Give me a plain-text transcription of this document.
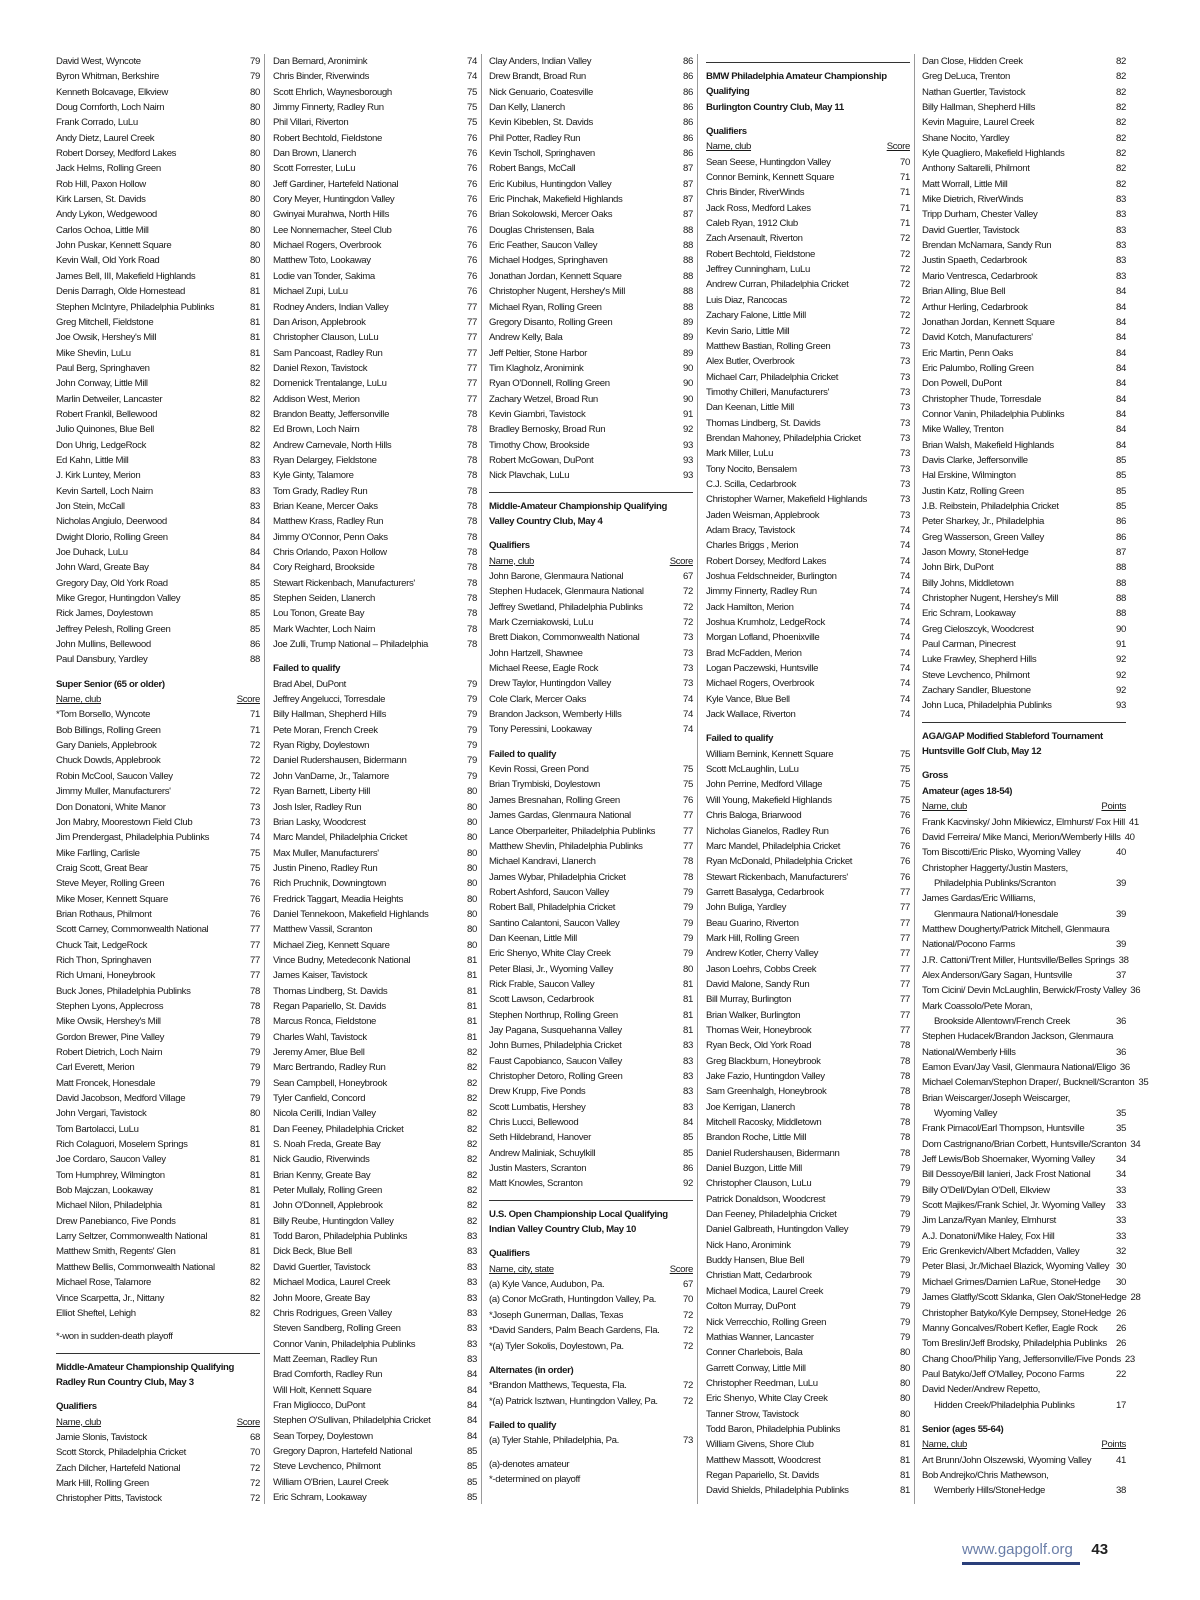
David West, Wyncote	79
Byron Whitman, Berkshire	79
Kenneth Bolcavage, Elkview	80
Doug Cornforth, Loch Nairn	80
Frank Corrado, LuLu	80
Andy Dietz, Laurel Creek	80
Robert Dorsey, Medford Lakes	80
Jack Helms, Rolling Green	80
Rob Hill, Paxon Hollow	80
Kirk Larsen, St. Davids	80
Andy Lykon, Wedgewood	80
Carlos Ochoa, Little Mill	80
John Puskar, Kennett Square	80
Kevin Wall, Old York Road	80
James Bell, III, Makefield Highlands	81
Denis Darragh, Olde Homestead	81
Stephen McIntyre, Philadelphia Publinks	81
Greg Mitchell, Fieldstone	81
Joe Owsik, Hershey's Mill	81
Mike Shevlin, LuLu	81
Paul Berg, Springhaven	82
John Conway, Little Mill	82
Marlin Detweiler, Lancaster	82
Robert Frankil, Bellewood	82
Julio Quinones, Blue Bell	82
Don Uhrig, LedgeRock	82
Ed Kahn, Little Mill	83
J. Kirk Luntey, Merion	83
Kevin Sartell, Loch Nairn	83
Jon Stein, McCall	83
Nicholas Angiulo, Deerwood	84
Dwight DIorio, Rolling Green	84
Joe Duhack, LuLu	84
John Ward, Greate Bay	84
Gregory Day, Old York Road	85
Mike Gregor, Huntingdon Valley	85
Rick James, Doylestown	85
Jeffrey Pelesh, Rolling Green	85
John Mullins, Bellewood	86
Paul Dansbury, Yardley	88
Super Senior (65 or older)
Name, club	Score
*Tom Borsello, Wyncote	71
Bob Billings, Rolling Green	71
Gary Daniels, Applebrook	72
Chuck Dowds, Applebrook	72
Robin McCool, Saucon Valley	72
Jimmy Muller, Manufacturers'	72
Don Donatoni, White Manor	73
Jon Mabry, Moorestown Field Club	73
Jim Prendergast, Philadelphia Publinks	74
Mike Farlling, Carlisle	75
Craig Scott, Great Bear	75
Steve Meyer, Rolling Green	76
Mike Moser, Kennett Square	76
Brian Rothaus, Philmont	76
Scott Carney, Commonwealth National	77
Chuck Tait, LedgeRock	77
Rich Thon, Springhaven	77
Rich Umani, Honeybrook	77
Buck Jones, Philadelphia Publinks	78
Stephen Lyons, Applecross	78
Mike Owsik, Hershey's Mill	78
Gordon Brewer, Pine Valley	79
Robert Dietrich, Loch Nairn	79
Carl Everett, Merion	79
Matt Froncek, Honesdale	79
David Jacobson, Medford Village	79
John Vergari, Tavistock	80
Tom Bartolacci, LuLu	81
Rich Colaguori, Moselem Springs	81
Joe Cordaro, Saucon Valley	81
Tom Humphrey, Wilmington	81
Bob Majczan, Lookaway	81
Michael Nilon, Philadelphia	81
Drew Panebianco, Five Ponds	81
Larry Seltzer, Commonwealth National	81
Matthew Smith, Regents' Glen	81
Matthew Bellis, Commonwealth National	82
Michael Rose, Talamore	82
Vince Scarpetta, Jr., Nittany	82
Elliot Sheftel, Lehigh	82
*-won in sudden-death playoff
Middle-Amateur Championship Qualifying
Radley Run Country Club, May 3
Qualifiers
Name, club	Score
Jamie Slonis, Tavistock	68
Scott Storck, Philadelphia Cricket	70
Zach Dilcher, Hartefeld National	72
Mark Hill, Rolling Green	72
Christopher Pitts, Tavistock	72
Dan Bernard, Aronimink	74
Chris Binder, Riverwinds	74
Scott Ehrlich, Waynesborough	75
Jimmy Finnerty, Radley Run	75
Phil Villari, Riverton	75
Robert Bechtold, Fieldstone	76
Dan Brown, Llanerch	76
Scott Forrester, LuLu	76
Jeff Gardiner, Hartefeld National	76
Cory Meyer, Huntingdon Valley	76
Gwinyai Murahwa, North Hills	76
Lee Nonnemacher, Steel Club	76
Michael Rogers, Overbrook	76
Matthew Toto, Lookaway	76
Lodie van Tonder, Sakima	76
Michael Zupi, LuLu	76
Rodney Anders, Indian Valley	77
Dan Arison, Applebrook	77
Christopher Clauson, LuLu	77
Sam Pancoast, Radley Run	77
Daniel Rexon, Tavistock	77
Domenick Trentalange, LuLu	77
Addison West, Merion	77
Brandon Beatty, Jeffersonville	78
Ed Brown, Loch Nairn	78
Andrew Carnevale, North Hills	78
Ryan Delargey, Fieldstone	78
Kyle Ginty, Talamore	78
Tom Grady, Radley Run	78
Brian Keane, Mercer Oaks	78
Matthew Krass, Radley Run	78
Jimmy O'Connor, Penn Oaks	78
Chris Orlando, Paxon Hollow	78
Cory Reighard, Brookside	78
Stewart Rickenbach, Manufacturers'	78
Stephen Seiden, Llanerch	78
Lou Tonon, Greate Bay	78
Mark Wachter, Loch Nairn	78
Joe Zulli, Trump National – Philadelphia	78
Failed to qualify
Brad Abel, DuPont	79
Jeffrey Angelucci, Torresdale	79
Billy Hallman, Shepherd Hills	79
Pete Moran, French Creek	79
Ryan Rigby, Doylestown	79
Daniel Rudershausen, Bidermann	79
John VanDame, Jr., Talamore	79
Ryan Barnett, Liberty Hill	80
Josh Isler, Radley Run	80
Brian Lasky, Woodcrest	80
Marc Mandel, Philadelphia Cricket	80
Max Muller, Manufacturers'	80
Justin Pineno, Radley Run	80
Rich Pruchnik, Downingtown	80
Fredrick Taggart, Meadia Heights	80
Daniel Tennekoon, Makefield Highlands	80
Matthew Vassil, Scranton	80
Michael Zieg, Kennett Square	80
Vince Budny, Metedeconk National	81
James Kaiser, Tavistock	81
Thomas Lindberg, St. Davids	81
Regan Papariello, St. Davids	81
Marcus Ronca, Fieldstone	81
Charles Wahl, Tavistock	81
Jeremy Amer, Blue Bell	82
Marc Bertrando, Radley Run	82
Sean Campbell, Honeybrook	82
Tyler Canfield, Concord	82
Nicola Cerilli, Indian Valley	82
Dan Feeney, Philadelphia Cricket	82
S. Noah Freda, Greate Bay	82
Nick Gaudio, Riverwinds	82
Brian Kenny, Greate Bay	82
Peter Mullaly, Rolling Green	82
John O'Donnell, Applebrook	82
Billy Reube, Huntingdon Valley	82
Todd Baron, Philadelphia Publinks	83
Dick Beck, Blue Bell	83
David Guertler, Tavistock	83
Michael Modica, Laurel Creek	83
John Moore, Greate Bay	83
Chris Rodrigues, Green Valley	83
Steven Sandberg, Rolling Green	83
Connor Vanin, Philadelphia Publinks	83
Matt Zeeman, Radley Run	83
Brad Comforth, Radley Run	84
Will Holt, Kennett Square	84
Fran Migliocco, DuPont	84
Stephen O'Sullivan, Philadelphia Cricket	84
Sean Torpey, Doylestown	84
Gregory Dapron, Hartefeld National	85
Steve Levchenco, Philmont	85
William O'Brien, Laurel Creek	85
Eric Schram, Lookaway	85
Clay Anders, Indian Valley	86
Drew Brandt, Broad Run	86
Nick Genuario, Coatesville	86
Dan Kelly, Llanerch	86
Kevin Kibeblen, St. Davids	86
Phil Potter, Radley Run	86
Kevin Tscholl, Springhaven	86
Robert Bangs, McCall	87
Eric Kubilus, Huntingdon Valley	87
Eric Pinchak, Makefield Highlands	87
Brian Sokolowski, Mercer Oaks	87
Douglas Christensen, Bala	88
Eric Feather, Saucon Valley	88
Michael Hodges, Springhaven	88
Jonathan Jordan, Kennett Square	88
Christopher Nugent, Hershey's Mill	88
Michael Ryan, Rolling Green	88
Gregory Disanto, Rolling Green	89
Andrew Kelly, Bala	89
Jeff Peltier, Stone Harbor	89
Tim Klagholz, Aronimink	90
Ryan O'Donnell, Rolling Green	90
Zachary Wetzel, Broad Run	90
Kevin Giambri, Tavistock	91
Bradley Bernosky, Broad Run	92
Timothy Chow, Brookside	93
Robert McGowan, DuPont	93
Nick Plavchak, LuLu	93
Middle-Amateur Championship Qualifying
Valley Country Club, May 4
Qualifiers
Name, club	Score
John Barone, Glenmaura National	67
Stephen Hudacek, Glenmaura National	72
Jeffrey Swetland, Philadelphia Publinks	72
Mark Czerniakowski, LuLu	72
Brett Diakon, Commonwealth National	73
John Hartzell, Shawnee	73
Michael Reese, Eagle Rock	73
Drew Taylor, Huntingdon Valley	73
Cole Clark, Mercer Oaks	74
Brandon Jackson, Wemberly Hills	74
Tony Peressini, Lookaway	74
Failed to qualify
Kevin Rossi, Green Pond	75
Brian Trymbiski, Doylestown	75
James Bresnahan, Rolling Green	76
James Gardas, Glenmaura National	77
Lance Oberparleiter, Philadelphia Publinks	77
Matthew Shevlin, Philadelphia Publinks	77
Michael Kandravi, Llanerch	78
James Wybar, Philadelphia Cricket	78
Robert Ashford, Saucon Valley	79
Robert Ball, Philadelphia Cricket	79
Santino Calantoni, Saucon Valley	79
Dan Keenan, Little Mill	79
Eric Shenyo, White Clay Creek	79
Peter Blasi, Jr., Wyoming Valley	80
Rick Frable, Saucon Valley	81
Scott Lawson, Cedarbrook	81
Stephen Northrup, Rolling Green	81
Jay Pagana, Susquehanna Valley	81
John Burnes, Philadelphia Cricket	83
Faust Capobianco, Saucon Valley	83
Christopher Detoro, Rolling Green	83
Drew Krupp, Five Ponds	83
Scott Lumbatis, Hershey	83
Chris Lucci, Bellewood	84
Seth Hildebrand, Hanover	85
Andrew Maliniak, Schuylkill	85
Justin Masters, Scranton	86
Matt Knowles, Scranton	92
U.S. Open Championship Local Qualifying
Indian Valley Country Club, May 10
Qualifiers
Name, city, state	Score
(a) Kyle Vance, Audubon, Pa.	67
(a) Conor McGrath, Huntingdon Valley, Pa.	70
*Joseph Gunerman, Dallas, Texas	72
*David Sanders, Palm Beach Gardens, Fla.	72
*(a) Tyler Sokolis, Doylestown, Pa.	72
Alternates (in order)
*Brandon Matthews, Tequesta, Fla.	72
*(a) Patrick Isztwan, Huntingdon Valley, Pa.	72
Failed to qualify
(a) Tyler Stahle, Philadelphia, Pa.	73
(a)-denotes amateur
*-determined on playoff
BMW Philadelphia Amateur Championship
Qualifying
Burlington Country Club, May 11
Qualifiers
Name, club	Score
Sean Seese, Huntingdon Valley	70
Connor Bernink, Kennett Square	71
Chris Binder, RiverWinds	71
Jack Ross, Medford Lakes	71
Caleb Ryan, 1912 Club	71
Zach Arsenault, Riverton	72
Robert Bechtold, Fieldstone	72
Jeffrey Cunningham, LuLu	72
Andrew Curran, Philadelphia Cricket	72
Luis Diaz, Rancocas	72
Zachary Falone, Little Mill	72
Kevin Sario, Little Mill	72
Matthew Bastian, Rolling Green	73
Alex Butler, Overbrook	73
Michael Carr, Philadelphia Cricket	73
Timothy Chilleri, Manufacturers'	73
Dan Keenan, Little Mill	73
Thomas Lindberg, St. Davids	73
Brendan Mahoney, Philadelphia Cricket	73
Mark Miller, LuLu	73
Tony Nocito, Bensalem	73
C.J. Scilla, Cedarbrook	73
Christopher Warner, Makefield Highlands	73
Jaden Weisman, Applebrook	73
Adam Bracy, Tavistock	74
Charles Briggs , Merion	74
Robert Dorsey, Medford Lakes	74
Joshua Feldschneider, Burlington	74
Jimmy Finnerty, Radley Run	74
Jack Hamilton, Merion	74
Joshua Krumholz, LedgeRock	74
Morgan Lofland, Phoenixville	74
Brad McFadden, Merion	74
Logan Paczewski, Huntsville	74
Michael Rogers, Overbrook	74
Kyle Vance, Blue Bell	74
Jack Wallace, Riverton	74
Failed to qualify
William Bernink, Kennett Square	75
Scott McLaughlin, LuLu	75
John Perrine, Medford Village	75
Will Young, Makefield Highlands	75
Chris Baloga, Briarwood	76
Nicholas Gianelos, Radley Run	76
Marc Mandel, Philadelphia Cricket	76
Ryan McDonald, Philadelphia Cricket	76
Stewart Rickenbach, Manufacturers'	76
Garrett Basalyga, Cedarbrook	77
John Buliga, Yardley	77
Beau Guarino, Riverton	77
Mark Hill, Rolling Green	77
Andrew Kotler, Cherry Valley	77
Jason Loehrs, Cobbs Creek	77
David Malone, Sandy Run	77
Bill Murray, Burlington	77
Brian Walker, Burlington	77
Thomas Weir, Honeybrook	77
Ryan Beck, Old York Road	78
Greg Blackburn, Honeybrook	78
Jake Fazio, Huntingdon Valley	78
Sam Greenhalgh, Honeybrook	78
Joe Kerrigan, Llanerch	78
Mitchell Racosky, Middletown	78
Brandon Roche, Little Mill	78
Daniel Rudershausen, Bidermann	78
Daniel Buzgon, Little Mill	79
Christopher Clauson, LuLu	79
Patrick Donaldson, Woodcrest	79
Dan Feeney, Philadelphia Cricket	79
Daniel Galbreath, Huntingdon Valley	79
Nick Hano, Aronimink	79
Buddy Hansen, Blue Bell	79
Christian Matt, Cedarbrook	79
Michael Modica, Laurel Creek	79
Colton Murray, DuPont	79
Nick Verrecchio, Rolling Green	79
Mathias Wanner, Lancaster	79
Conner Charlebois, Bala	80
Garrett Conway, Little Mill	80
Christopher Reedman, LuLu	80
Eric Shenyo, White Clay Creek	80
Tanner Strow, Tavistock	80
Todd Baron, Philadelphia Publinks	81
William Givens, Shore Club	81
Matthew Massott, Woodcrest	81
Regan Papariello, St. Davids	81
David Shields, Philadelphia Publinks	81
Dan Close, Hidden Creek	82
Greg DeLuca, Trenton	82
Nathan Guertler, Tavistock	82
Billy Hallman, Shepherd Hills	82
Kevin Maguire, Laurel Creek	82
Shane Nocito, Yardley	82
Kyle Quagliero, Makefield Highlands	82
Anthony Saltarelli, Philmont	82
Matt Worrall, Little Mill	82
Mike Dietrich, RiverWinds	83
Tripp Durham, Chester Valley	83
David Guertler, Tavistock	83
Brendan McNamara, Sandy Run	83
Justin Spaeth, Cedarbrook	83
Mario Ventresca, Cedarbrook	83
Brian Alling, Blue Bell	84
Arthur Herling, Cedarbrook	84
Jonathan Jordan, Kennett Square	84
David Kotch, Manufacturers'	84
Eric Martin, Penn Oaks	84
Eric Palumbo, Rolling Green	84
Don Powell, DuPont	84
Christopher Thude, Torresdale	84
Connor Vanin, Philadelphia Publinks	84
Mike Walley, Trenton	84
Brian Walsh, Makefield Highlands	84
Davis Clarke, Jeffersonville	85
Hal Erskine, Wilmington	85
Justin Katz, Rolling Green	85
J.B. Reibstein, Philadelphia Cricket	85
Peter Sharkey, Jr., Philadelphia	86
Greg Wasserson, Green Valley	86
Jason Mowry, StoneHedge	87
John Birk, DuPont	88
Billy Johns, Middletown	88
Christopher Nugent, Hershey's Mill	88
Eric Schram, Lookaway	88
Greg Cieloszcyk, Woodcrest	90
Paul Carman, Pinecrest	91
Luke Frawley, Shepherd Hills	92
Steve Levchenco, Philmont	92
Zachary Sandler, Bluestone	92
John Luca, Philadelphia Publinks	93
AGA/GAP Modified Stableford Tournament
Huntsville Golf Club, May 12
Gross
Amateur (ages 18-54)
Name, club	Points
Frank Kacvinsky/ John Mikiewicz, Elmhurst/ Fox Hill 41
David Ferreira/ Mike Manci, Merion/Wemberly Hills 40
Tom Biscotti/Eric Plisko, Wyoming Valley	40
Christopher Haggerty/Justin Masters,
Philadelphia Publinks/Scranton	39
James Gardas/Eric Williams,
Glenmaura National/Honesdale	39
Matthew Dougherty/Patrick Mitchell, Glenmaura
National/Pocono Farms	39
J.R. Cattoni/Trent Miller, Huntsville/Belles Springs 38
Alex Anderson/Gary Sagan, Huntsville	37
Tom Cicini/ Devin McLaughlin, Berwick/Frosty Valley 36
Mark Coassolo/Pete Moran,
Brookside Allentown/French Creek	36
Stephen Hudacek/Brandon Jackson, Glenmaura
National/Wemberly Hills	36
Eamon Evan/Jay Vasil, Glenmaura National/Eligo 36
Michael Coleman/Stephon Draper/, Bucknell/Scranton 35
Brian Weiscarger/Joseph Weiscarger,
Wyoming Valley	35
Frank Pirnacol/Earl Thompson, Huntsville	35
Dom Castrignano/Brian Corbett, Huntsville/Scranton 34
Jeff Lewis/Bob Shoemaker, Wyoming Valley	34
Bill Dessoye/Bill Ianieri, Jack Frost National	34
Billy O'Dell/Dylan O'Dell, Elkview	33
Scott Majikes/Frank Schiel, Jr. Wyoming Valley	33
Jim Lanza/Ryan Manley, Elmhurst	33
A.J. Donatoni/Mike Haley, Fox Hill	33
Eric Grenkevich/Albert Mcfadden, Valley	32
Peter Blasi, Jr./Michael Blazick, Wyoming Valley 30
Michael Grimes/Damien LaRue, StoneHedge	30
James Glatfly/Scott Sklanka, Glen Oak/StoneHedge 28
Christopher Batyko/Kyle Dempsey, StoneHedge 26
Manny Goncalves/Robert Kefler, Eagle Rock	26
Tom Breslin/Jeff Brodsky, Philadelphia Publinks 26
Chang Choo/Philip Yang, Jeffersonville/Five Ponds 23
Paul Batyko/Jeff O'Malley, Pocono Farms	22
David Neder/Andrew Repetto,
Hidden Creek/Philadelphia Publinks	17
Senior (ages 55-64)
Name, club	Points
Art Brunn/John Olszewski, Wyoming Valley	41
Bob Andrejko/Chris Mathewson,
Wemberly Hills/StoneHedge	38
www.gapgolf.org 43
